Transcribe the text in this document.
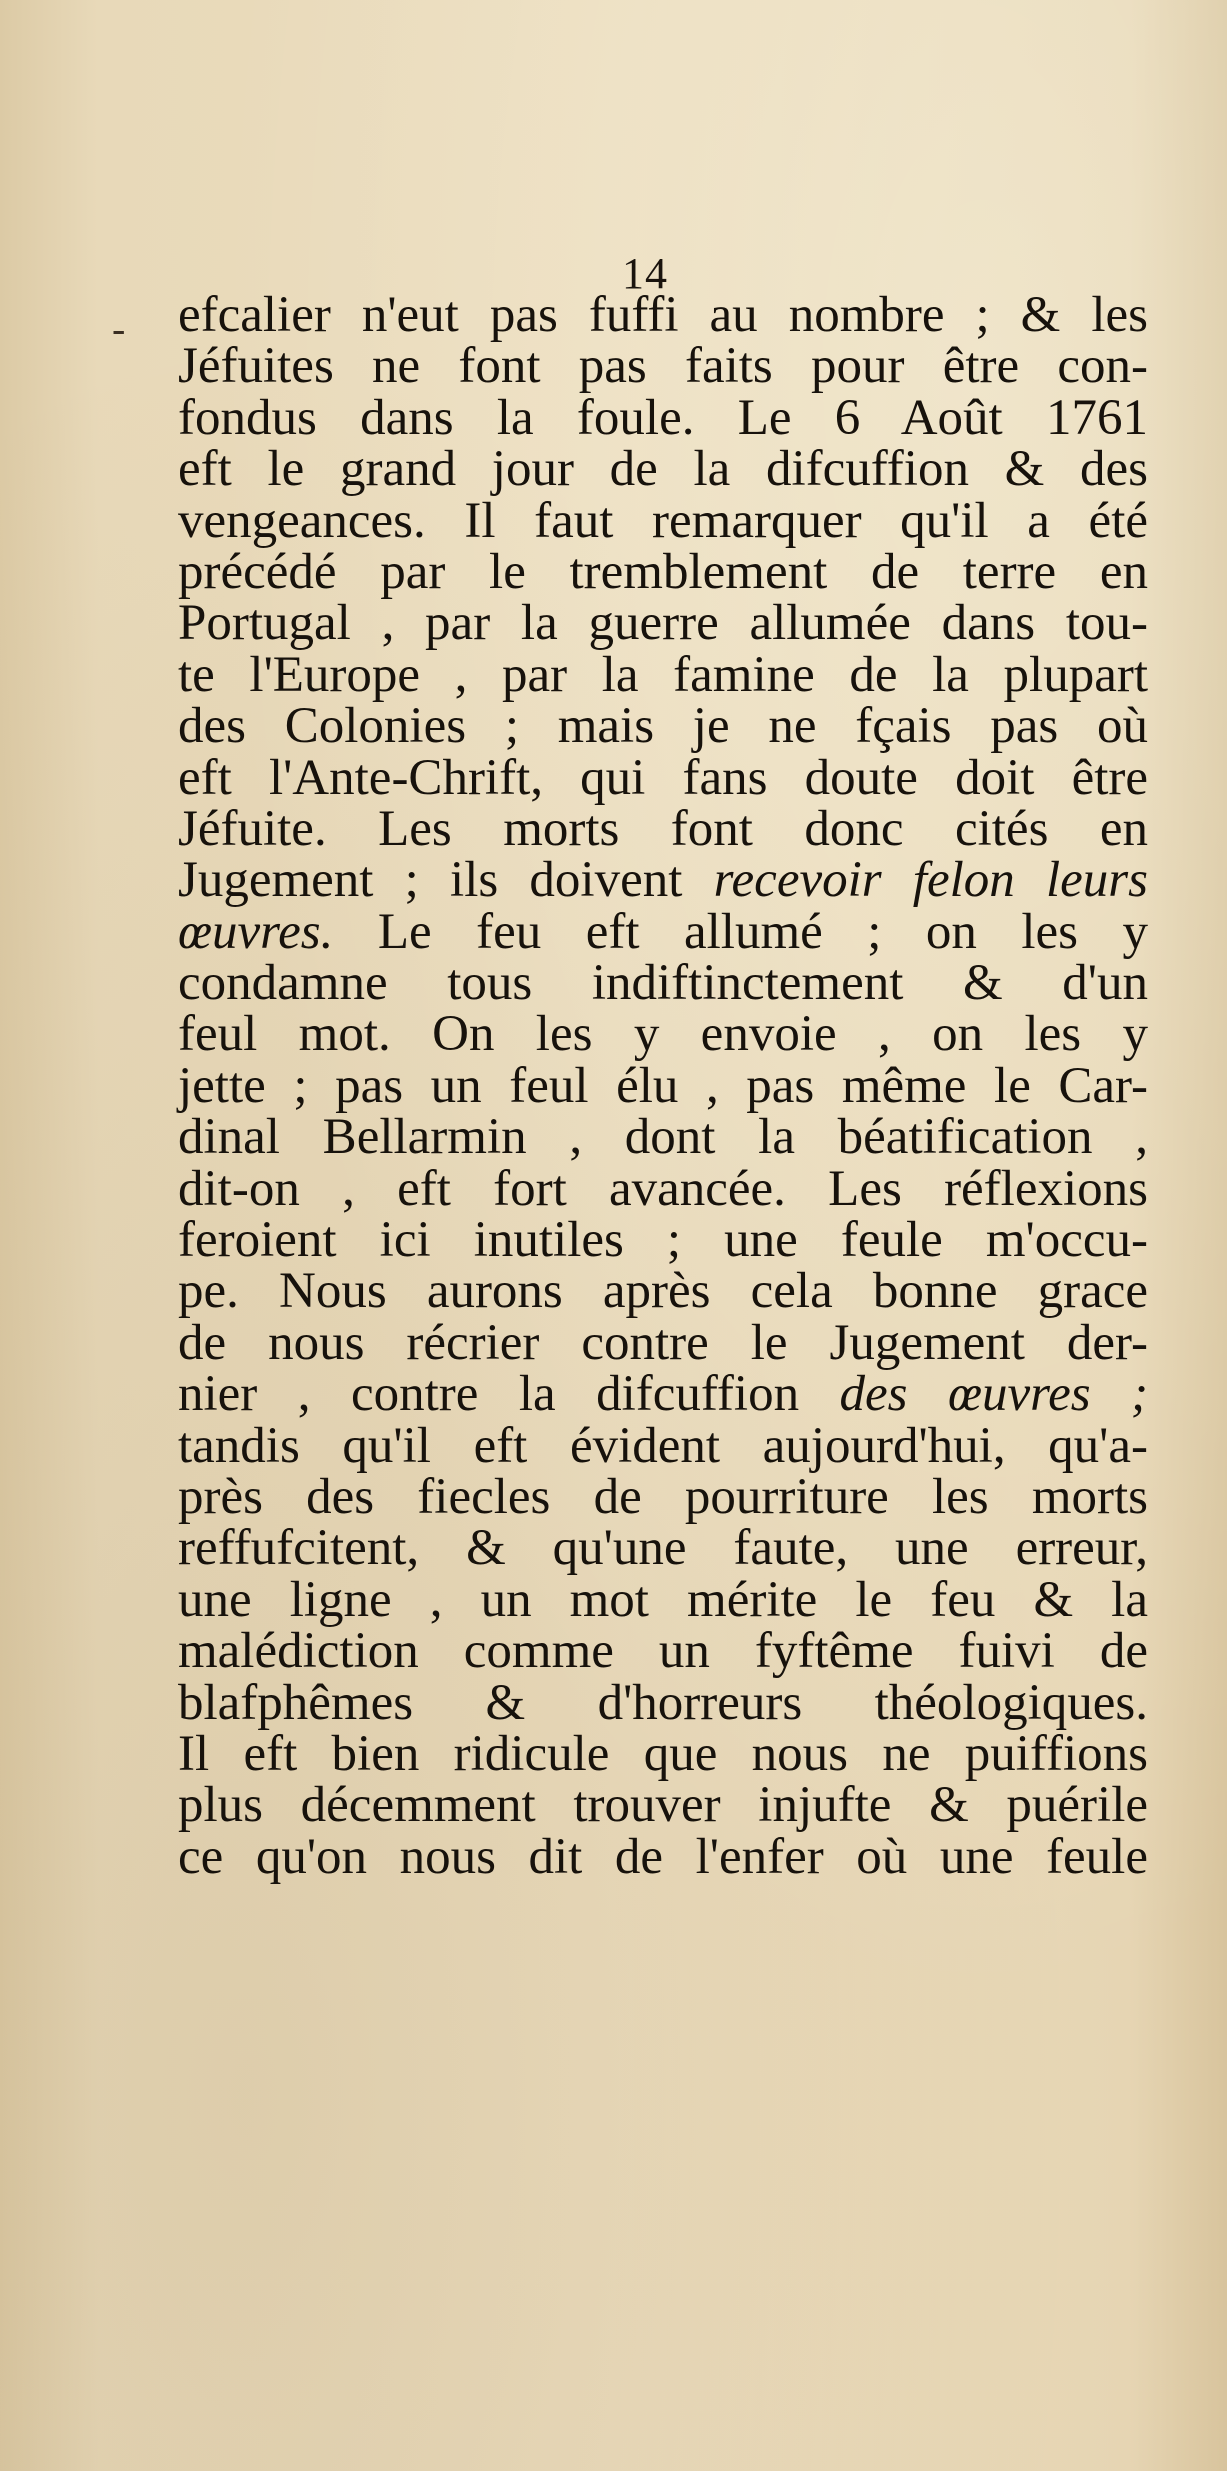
14
- efcalier n'eut pas fuffi au nombre ; & les
Jéfuites ne font pas faits pour être con-
fondus dans la foule. Le 6 Août 1761
eft le grand jour de la difcuffion & des
vengeances. Il faut remarquer qu'il a été
précédé par le tremblement de terre en
Portugal , par la guerre allumée dans tou-
te l'Europe , par la famine de la plupart
des Colonies ; mais je ne fçais pas où
eft l'Ante-Chrift, qui fans doute doit être
Jéfuite. Les morts font donc cités en
Jugement ; ils doivent recevoir felon leurs
œuvres. Le feu eft allumé ; on les y
condamne tous indiftinctement & d'un
feul mot. On les y envoie , on les y
jette ; pas un feul élu , pas même le Car-
dinal Bellarmin , dont la béatification ,
dit-on , eft fort avancée. Les réflexions
feroient ici inutiles ; une feule m'occu-
pe. Nous aurons après cela bonne grace
de nous récrier contre le Jugement der-
nier , contre la difcuffion des œuvres ;
tandis qu'il eft évident aujourd'hui, qu'a-
près des fiecles de pourriture les morts
reffufcitent, & qu'une faute, une erreur,
une ligne , un mot mérite le feu & la
malédiction comme un fyftême fuivi de
blafphêmes & d'horreurs théologiques.
Il eft bien ridicule que nous ne puiffions
plus décemment trouver injufte & puérile
ce qu'on nous dit de l'enfer où une feule
